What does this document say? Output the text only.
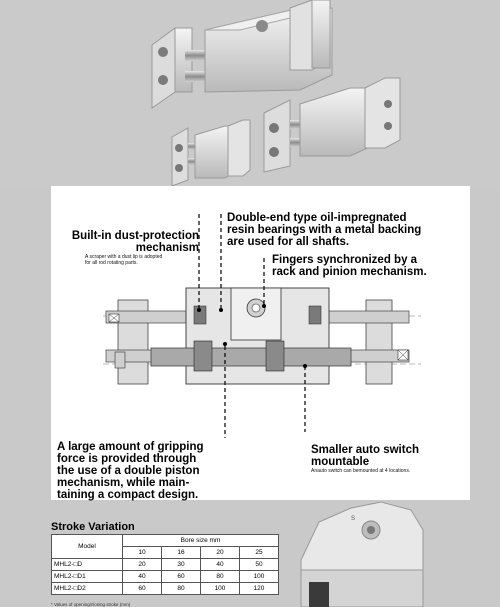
Built-in dust-protection

mechanism

A scraper with a dust lip is adopted

for all rod rotating parts.

Double-end type oil-impregnated

resin bearings with a metal backing

are used for all shafts.

Fingers synchronized by a

rack and pinion mechanism.

A large amount of gripping

force is provided through

the use of a double piston

mechanism, while main-

taining a compact design.

Smaller auto switch

mountable

Anauto switch can bemounted at 4 locations.

S
Stroke Variation
Model	Bore size mm			
	10	16	20	25
MHL2-□D	20	30	40	50
MHL2-□D1	40	60	80	100
MHL2-□D2	60	80	100	120
* Values of opening/closing stroke (mm)
